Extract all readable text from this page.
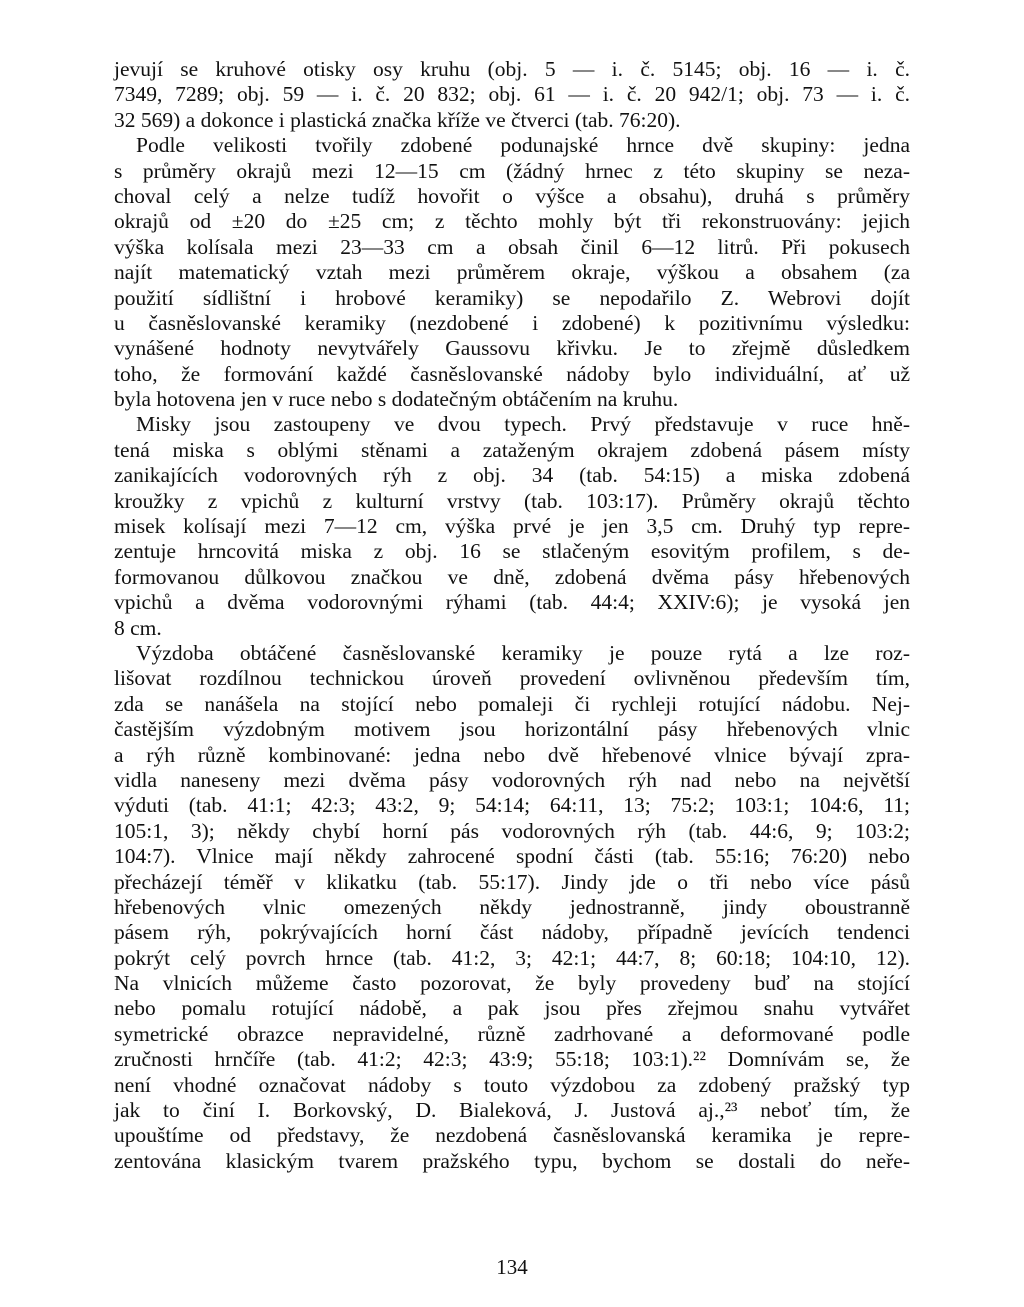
jevují se kruhové otisky osy kruhu (obj. 5 — i. č. 5145; obj. 16 — i. č.
7349, 7289; obj. 59 — i. č. 20 832; obj. 61 — i. č. 20 942/1; obj. 73 — i. č.
32 569) a dokonce i plastická značka kříže ve čtverci (tab. 76:20).
Podle velikosti tvořily zdobené podunajské hrnce dvě skupiny: jedna
s průměry okrajů mezi 12—15 cm (žádný hrnec z této skupiny se neza-
choval celý a nelze tudíž hovořit o výšce a obsahu), druhá s průměry
okrajů od ±20 do ±25 cm; z těchto mohly být tři rekonstruovány: jejich
výška kolísala mezi 23—33 cm a obsah činil 6—12 litrů. Při pokusech
najít matematický vztah mezi průměrem okraje, výškou a obsahem (za
použití sídlištní i hrobové keramiky) se nepodařilo Z. Webrovi dojít
u časněslovanské keramiky (nezdobené i zdobené) k pozitivnímu výsledku:
vynášené hodnoty nevytvářely Gaussovu křivku. Je to zřejmě důsledkem
toho, že formování každé časněslovanské nádoby bylo individuální, ať už
byla hotovena jen v ruce nebo s dodatečným obtáčením na kruhu.
Misky jsou zastoupeny ve dvou typech. Prvý představuje v ruce hně-
tená miska s oblými stěnami a zataženým okrajem zdobená pásem místy
zanikajících vodorovných rýh z obj. 34 (tab. 54:15) a miska zdobená
kroužky z vpichů z kulturní vrstvy (tab. 103:17). Průměry okrajů těchto
misek kolísají mezi 7—12 cm, výška prvé je jen 3,5 cm. Druhý typ repre-
zentuje hrncovitá miska z obj. 16 se stlačeným esovitým profilem, s de-
formovanou důlkovou značkou ve dně, zdobená dvěma pásy hřebenových
vpichů a dvěma vodorovnými rýhami (tab. 44:4; XXIV:6); je vysoká jen
8 cm.
Výzdoba obtáčené časněslovanské keramiky je pouze rytá a lze roz-
lišovat rozdílnou technickou úroveň provedení ovlivněnou především tím,
zda se nanášela na stojící nebo pomaleji či rychleji rotující nádobu. Nej-
častějším výzdobným motivem jsou horizontální pásy hřebenových vlnic
a rýh různě kombinované: jedna nebo dvě hřebenové vlnice bývají zpra-
vidla naneseny mezi dvěma pásy vodorovných rýh nad nebo na největší
výduti (tab. 41:1; 42:3; 43:2, 9; 54:14; 64:11, 13; 75:2; 103:1; 104:6, 11;
105:1, 3); někdy chybí horní pás vodorovných rýh (tab. 44:6, 9; 103:2;
104:7). Vlnice mají někdy zahrocené spodní části (tab. 55:16; 76:20) nebo
přecházejí téměř v klikatku (tab. 55:17). Jindy jde o tři nebo více pásů
hřebenových vlnic omezených někdy jednostranně, jindy oboustranně
pásem rýh, pokrývajících horní část nádoby, případně jevících tendenci
pokrýt celý povrch hrnce (tab. 41:2, 3; 42:1; 44:7, 8; 60:18; 104:10, 12).
Na vlnicích můžeme často pozorovat, že byly provedeny buď na stojící
nebo pomalu rotující nádobě, a pak jsou přes zřejmou snahu vytvářet
symetrické obrazce nepravidelné, různě zadrhované a deformované podle
zručnosti hrnčíře (tab. 41:2; 42:3; 43:9; 55:18; 103:1).²² Domnívám se, že
není vhodné označovat nádoby s touto výzdobou za zdobený pražský typ
jak to činí I. Borkovský, D. Bialeková, J. Justová aj.,²³ neboť tím, že
upouštíme od představy, že nezdobená časněslovanská keramika je repre-
zentována klasickým tvarem pražského typu, bychom se dostali do neře-
134
